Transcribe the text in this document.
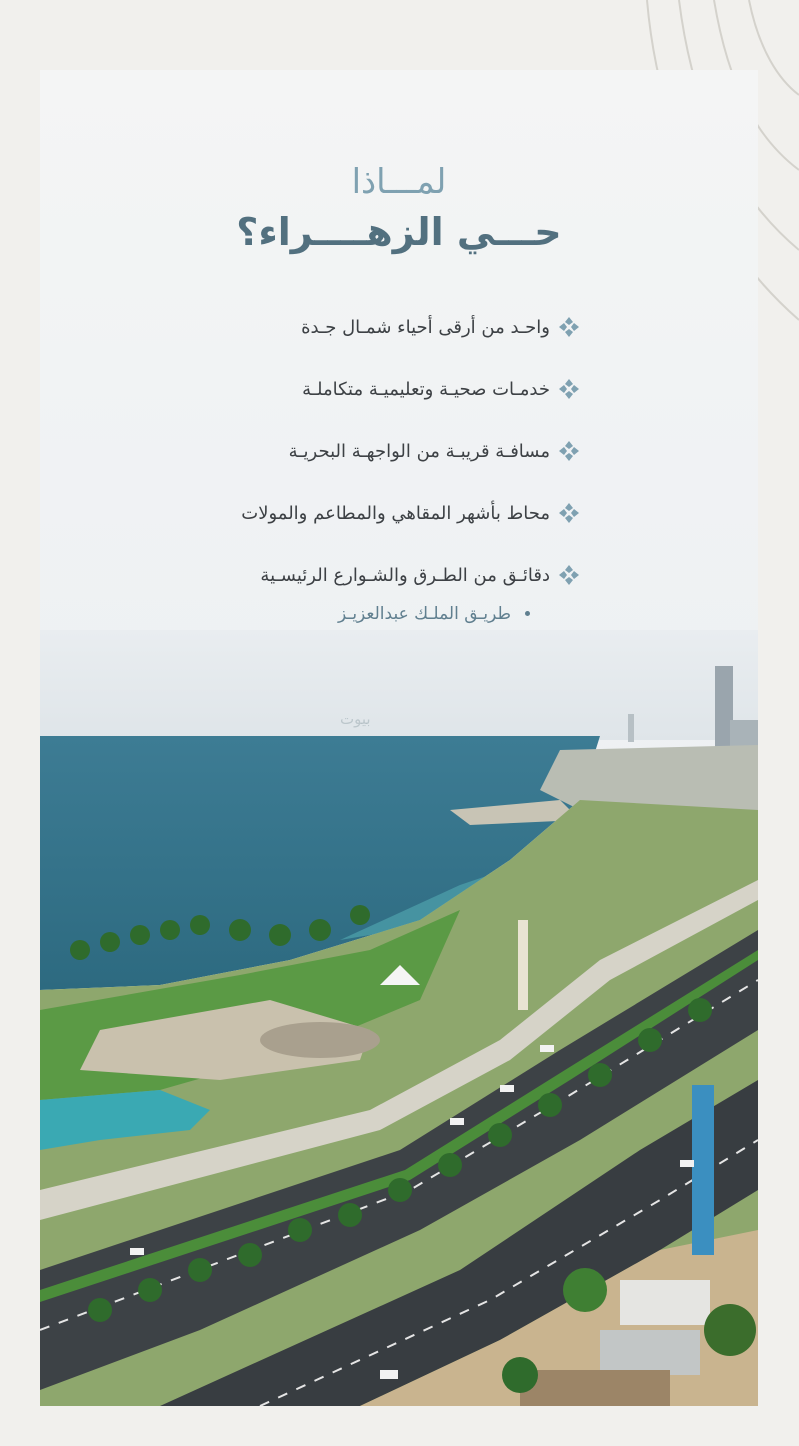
لمـــاذا
حـــي الزهــــراء؟
واحـد من أرقى أحياء شمـال جـدة
خدمـات صحيـة وتعليميـة متكاملـة
مسافـة قريبـة من الواجهـة البحريـة
محاط بأشهر المقاهي والمطاعم والمولات
دقائـق من الطـرق والشـوارع الرئيسـية
طريـق الملـك عبدالعزيـز
بيوت
